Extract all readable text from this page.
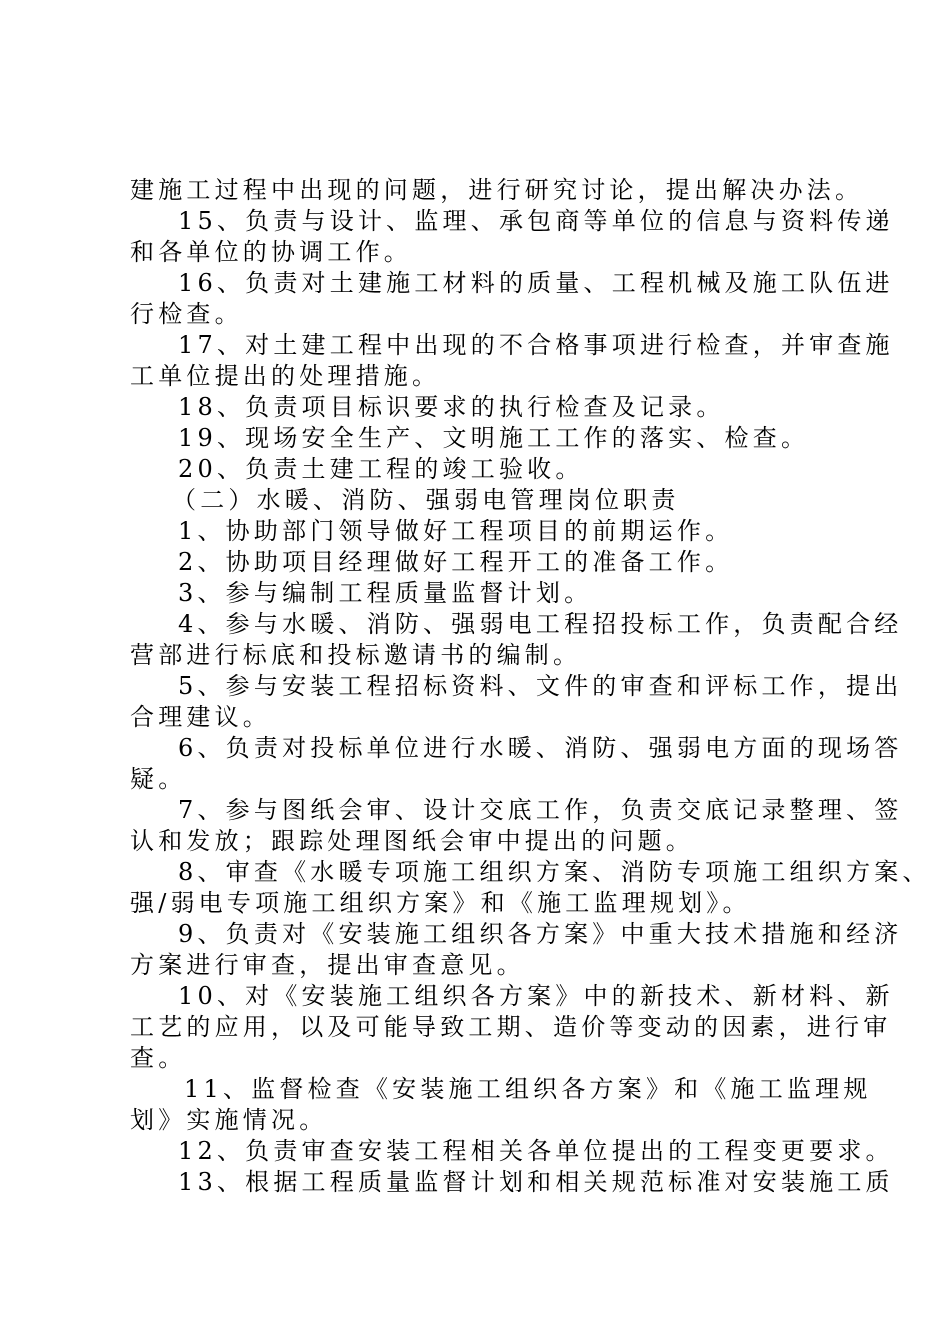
建施工过程中出现的问题，进行研究讨论，提出解决办法。
15、负责与设计、监理、承包商等单位的信息与资料传递
和各单位的协调工作。
16、负责对土建施工材料的质量、工程机械及施工队伍进
行检查。
17、对土建工程中出现的不合格事项进行检查，并审查施
工单位提出的处理措施。
18、负责项目标识要求的执行检查及记录。
19、现场安全生产、文明施工工作的落实、检查。
20、负责土建工程的竣工验收。
（二）水暖、消防、强弱电管理岗位职责
1、协助部门领导做好工程项目的前期运作。
2、协助项目经理做好工程开工的准备工作。
3、参与编制工程质量监督计划。
4、参与水暖、消防、强弱电工程招投标工作，负责配合经
营部进行标底和投标邀请书的编制。
5、参与安装工程招标资料、文件的审查和评标工作，提出
合理建议。
6、负责对投标单位进行水暖、消防、强弱电方面的现场答
疑。
7、参与图纸会审、设计交底工作，负责交底记录整理、签
认和发放；跟踪处理图纸会审中提出的问题。
8、审查《水暖专项施工组织方案、消防专项施工组织方案、
强/弱电专项施工组织方案》和《施工监理规划》。
9、负责对《安装施工组织各方案》中重大技术措施和经济
方案进行审查，提出审查意见。
10、对《安装施工组织各方案》中的新技术、新材料、新
工艺的应用，以及可能导致工期、造价等变动的因素，进行审
查。
11、监督检查《安装施工组织各方案》和《施工监理规
划》实施情况。
12、负责审查安装工程相关各单位提出的工程变更要求。
13、根据工程质量监督计划和相关规范标准对安装施工质
